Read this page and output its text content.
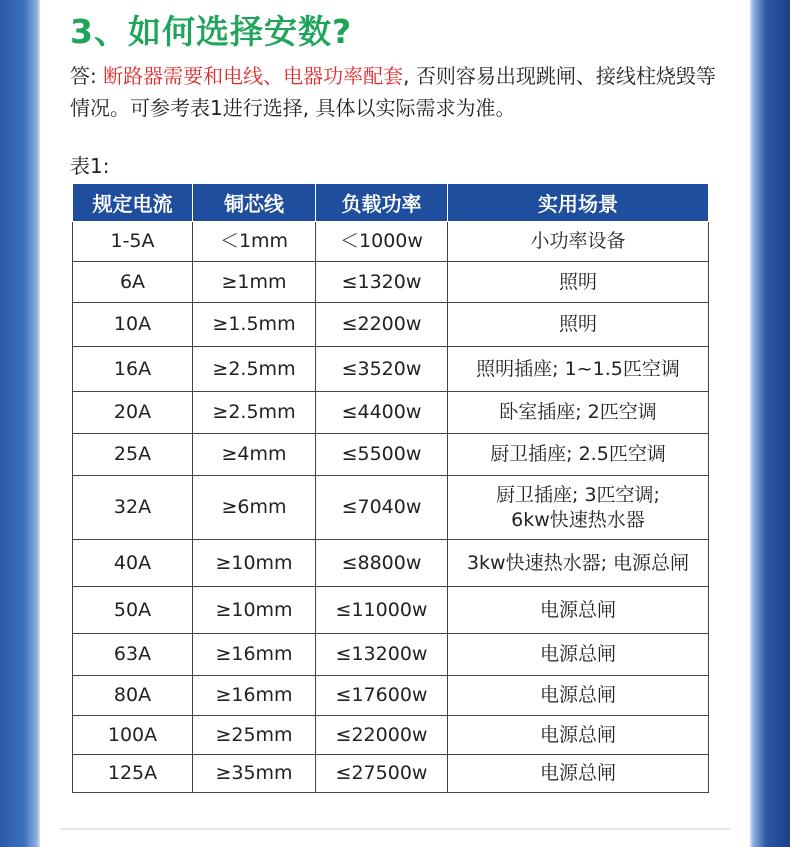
3、如何选择安数?
答: 断路器需要和电线、电器功率配套, 否则容易出现跳闸、接线柱烧毁等情况。可参考表1进行选择, 具体以实际需求为准。
表1:
规定电流	铜芯线	负载功率	实用场景
1-5A	＜1mm	＜1000w	小功率设备
6A	≥1mm	≤1320w	照明
10A	≥1.5mm	≤2200w	照明
16A	≥2.5mm	≤3520w	照明插座; 1~1.5匹空调
20A	≥2.5mm	≤4400w	卧室插座; 2匹空调
25A	≥4mm	≤5500w	厨卫插座; 2.5匹空调
32A	≥6mm	≤7040w	厨卫插座; 3匹空调;
6kw快速热水器
40A	≥10mm	≤8800w	3kw快速热水器; 电源总闸
50A	≥10mm	≤11000w	电源总闸
63A	≥16mm	≤13200w	电源总闸
80A	≥16mm	≤17600w	电源总闸
100A	≥25mm	≤22000w	电源总闸
125A	≥35mm	≤27500w	电源总闸
